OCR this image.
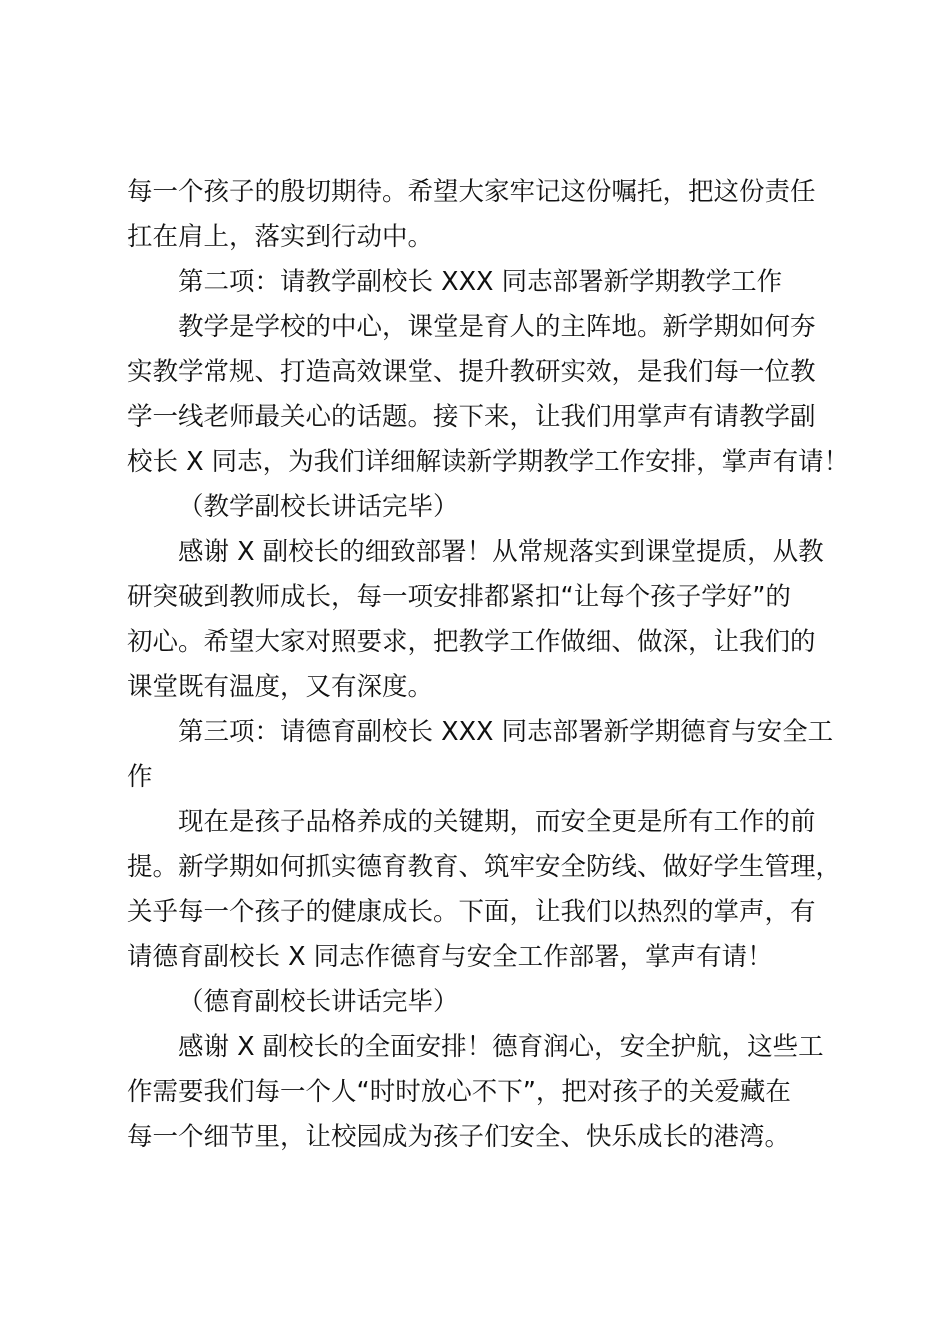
每一个孩子的殷切期待。希望大家牢记这份嘱托，把这份责任
扛在肩上，落实到行动中。
第二项：请教学副校长 XXX 同志部署新学期教学工作
教学是学校的中心，课堂是育人的主阵地。新学期如何夯
实教学常规、打造高效课堂、提升教研实效，是我们每一位教
学一线老师最关心的话题。接下来，让我们用掌声有请教学副
校长 X 同志，为我们详细解读新学期教学工作安排，掌声有请！
（教学副校长讲话完毕）
感谢 X 副校长的细致部署！从常规落实到课堂提质，从教
研突破到教师成长，每一项安排都紧扣“让每个孩子学好”的
初心。希望大家对照要求，把教学工作做细、做深，让我们的
课堂既有温度，又有深度。
第三项：请德育副校长 XXX 同志部署新学期德育与安全工
作
现在是孩子品格养成的关键期，而安全更是所有工作的前
提。新学期如何抓实德育教育、筑牢安全防线、做好学生管理，
关乎每一个孩子的健康成长。下面，让我们以热烈的掌声，有
请德育副校长 X 同志作德育与安全工作部署，掌声有请！
（德育副校长讲话完毕）
感谢 X 副校长的全面安排！德育润心，安全护航，这些工
作需要我们每一个人“时时放心不下”，把对孩子的关爱藏在
每一个细节里，让校园成为孩子们安全、快乐成长的港湾。
